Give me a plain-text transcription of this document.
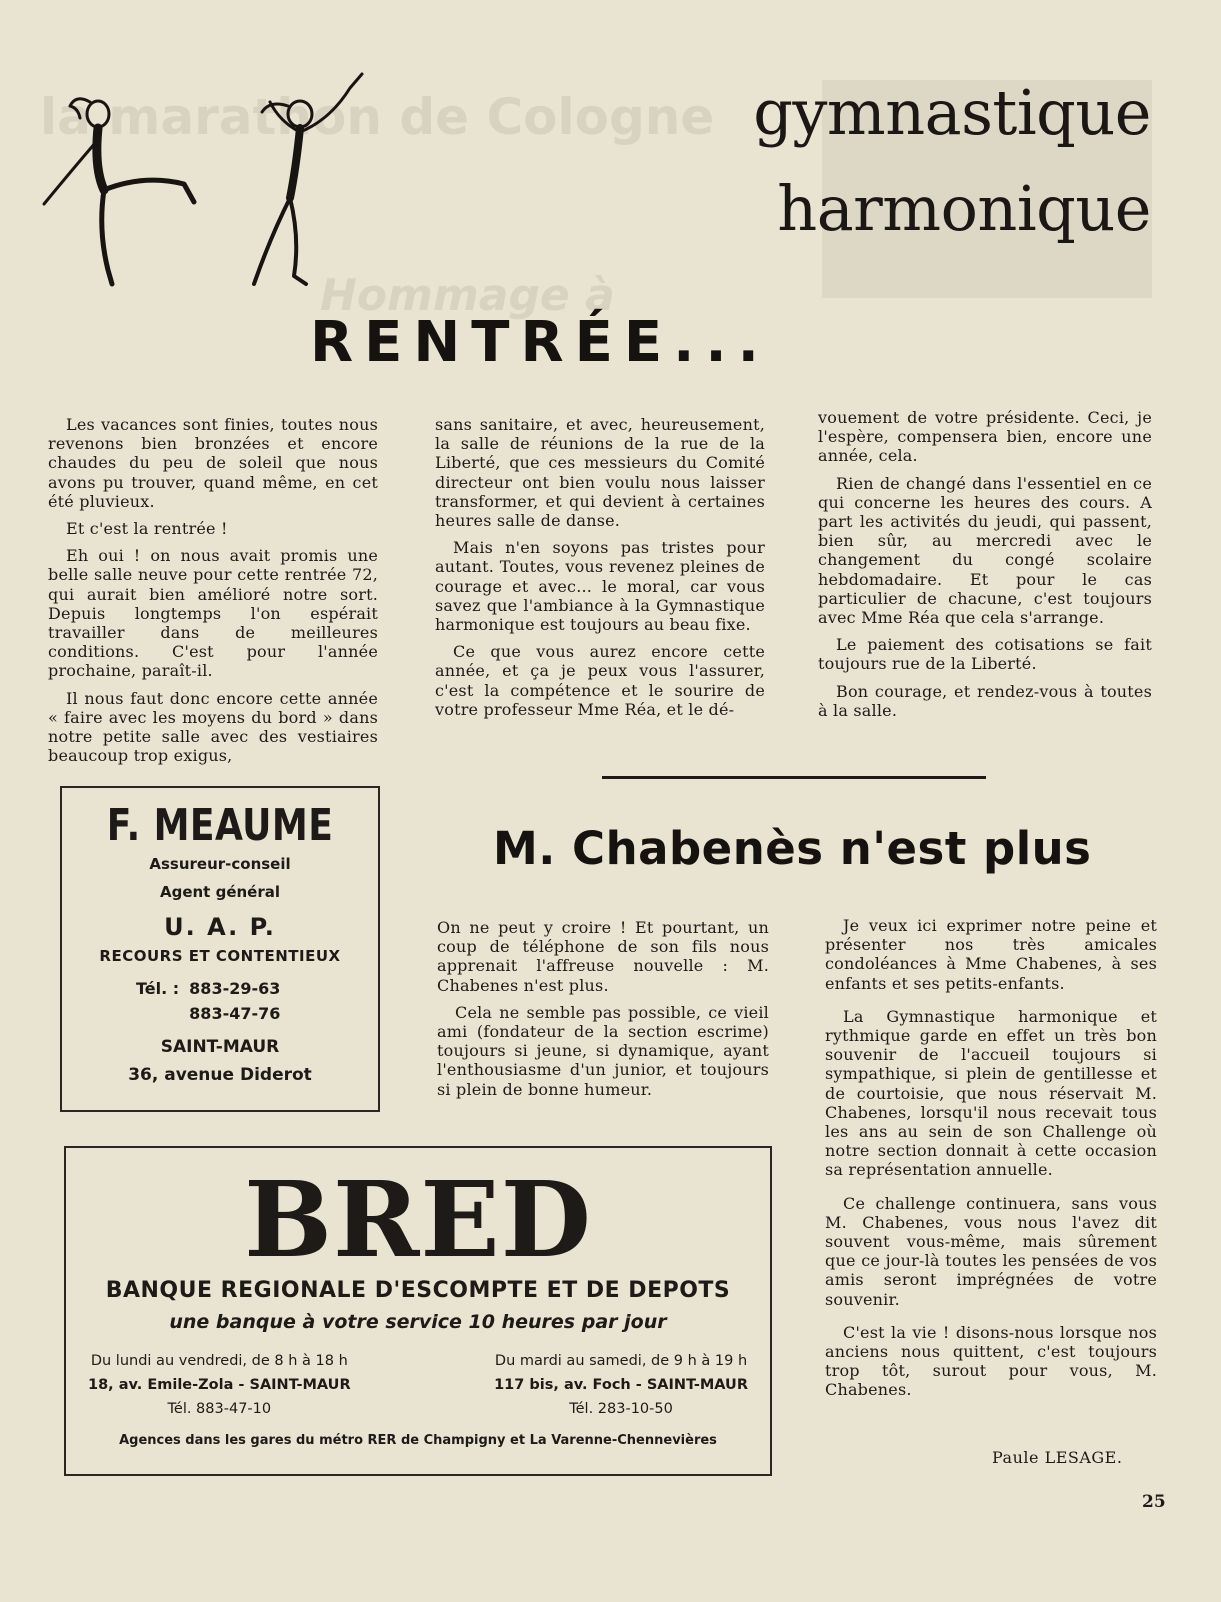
la marathon de Cologne
Hommage à
gymnastique
harmonique
RENTRÉE...

Les vacances sont finies, toutes nous revenons bien bronzées et encore chaudes du peu de soleil que nous avons pu trouver, quand même, en cet été pluvieux.

Et c'est la rentrée !

Eh oui ! on nous avait promis une belle salle neuve pour cette rentrée 72, qui aurait bien amélioré notre sort. Depuis longtemps l'on espérait travailler dans de meilleures conditions. C'est pour l'année prochaine, paraît-il.

Il nous faut donc encore cette année « faire avec les moyens du bord » dans notre petite salle avec des vestiaires beaucoup trop exigus,

sans sanitaire, et avec, heureusement, la salle de réunions de la rue de la Liberté, que ces messieurs du Comité directeur ont bien voulu nous laisser transformer, et qui devient à certaines heures salle de danse.

Mais n'en soyons pas tristes pour autant. Toutes, vous revenez pleines de courage et avec... le moral, car vous savez que l'ambiance à la Gymnastique harmonique est toujours au beau fixe.

Ce que vous aurez encore cette année, et ça je peux vous l'assurer, c'est la compétence et le sourire de votre professeur Mme Réa, et le dé-

vouement de votre présidente. Ceci, je l'espère, compensera bien, encore une année, cela.

Rien de changé dans l'essentiel en ce qui concerne les heures des cours. A part les activités du jeudi, qui passent, bien sûr, au mercredi avec le changement du congé scolaire hebdomadaire. Et pour le cas particulier de chacune, c'est toujours avec Mme Réa que cela s'arrange.

Le paiement des cotisations se fait toujours rue de la Liberté.

Bon courage, et rendez-vous à toutes à la salle.

F. MEAUME
Assureur-conseil
Agent général
U. A. P.
RECOURS ET CONTENTIEUX
Tél. : 883-29-63
883-47-76
SAINT-MAUR
36, avenue Diderot
M. Chabenès n'est plus

On ne peut y croire ! Et pourtant, un coup de téléphone de son fils nous apprenait l'affreuse nouvelle : M. Chabenes n'est plus.

Cela ne semble pas possible, ce vieil ami (fondateur de la section escrime) toujours si jeune, si dynamique, ayant l'enthousiasme d'un junior, et toujours si plein de bonne humeur.

Je veux ici exprimer notre peine et présenter nos très amicales condoléances à Mme Chabenes, à ses enfants et ses petits-enfants.

La Gymnastique harmonique et rythmique garde en effet un très bon souvenir de l'accueil toujours si sympathique, si plein de gentillesse et de courtoisie, que nous réservait M. Chabenes, lorsqu'il nous recevait tous les ans au sein de son Challenge où notre section donnait à cette occasion sa représentation annuelle.

Ce challenge continuera, sans vous M. Chabenes, vous nous l'avez dit souvent vous-même, mais sûrement que ce jour-là toutes les pensées de vos amis seront imprégnées de votre souvenir.

C'est la vie ! disons-nous lorsque nos anciens nous quittent, c'est toujours trop tôt, surout pour vous, M. Chabenes.

Paule LESAGE.
BRED
BANQUE REGIONALE D'ESCOMPTE ET DE DEPOTS
une banque à votre service 10 heures par jour
Du lundi au vendredi, de 8 h à 18 h
18, av. Emile-Zola - SAINT-MAUR
Tél. 883-47-10
Du mardi au samedi, de 9 h à 19 h
117 bis, av. Foch - SAINT-MAUR
Tél. 283-10-50
Agences dans les gares du métro RER de Champigny et La Varenne-Chennevières
25
